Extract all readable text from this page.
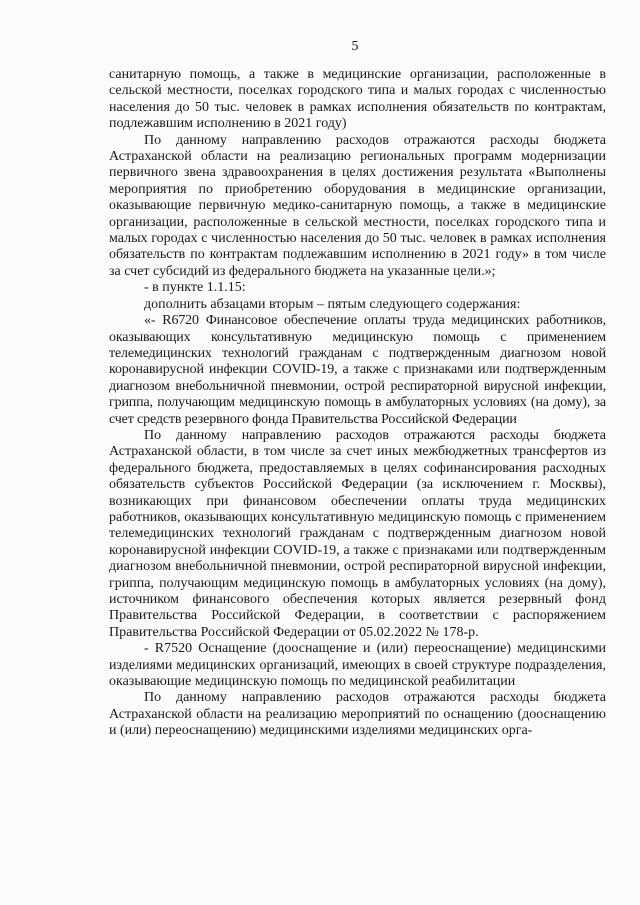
5

санитарную помощь, а также в медицинские организации, расположенные в сельской местности, поселках городского типа и малых городах с численностью населения до 50 тыс. человек в рамках исполнения обязательств по контрактам, подлежавшим исполнению в 2021 году)

По данному направлению расходов отражаются расходы бюджета Астраханской области на реализацию региональных программ модернизации первичного звена здравоохранения в целях достижения результата «Выполнены мероприятия по приобретению оборудования в медицинские организации, оказывающие первичную медико-санитарную помощь, а также в медицинские организации, расположенные в сельской местности, поселках городского типа и малых городах с численностью населения до 50 тыс. человек в рамках исполнения обязательств по контрактам подлежавшим исполнению в 2021 году» в том числе за счет субсидий из федерального бюджета на указанные цели.»;

- в пункте 1.1.15:

дополнить абзацами вторым – пятым следующего содержания:

«- R6720 Финансовое обеспечение оплаты труда медицинских работников, оказывающих консультативную медицинскую помощь с применением телемедицинских технологий гражданам с подтвержденным диагнозом новой коронавирусной инфекции COVID-19, а также с признаками или подтвержденным диагнозом внебольничной пневмонии, острой респираторной вирусной инфекции, гриппа, получающим медицинскую помощь в амбулаторных условиях (на дому), за счет средств резервного фонда Правительства Российской Федерации

По данному направлению расходов отражаются расходы бюджета Астраханской области, в том числе за счет иных межбюджетных трансфертов из федерального бюджета, предоставляемых в целях софинансирования расходных обязательств субъектов Российской Федерации (за исключением г. Москвы), возникающих при финансовом обеспечении оплаты труда медицинских работников, оказывающих консультативную медицинскую помощь с применением телемедицинских технологий гражданам с подтвержденным диагнозом новой коронавирусной инфекции COVID-19, а также с признаками или подтвержденным диагнозом внебольничной пневмонии, острой респираторной вирусной инфекции, гриппа, получающим медицинскую помощь в амбулаторных условиях (на дому), источником финансового обеспечения которых является резервный фонд Правительства Российской Федерации, в соответствии с распоряжением Правительства Российской Федерации от 05.02.2022 № 178-р.

- R7520 Оснащение (дооснащение и (или) переоснащение) медицинскими изделиями медицинских организаций, имеющих в своей структуре подразделения, оказывающие медицинскую помощь по медицинской реабилитации

По данному направлению расходов отражаются расходы бюджета Астраханской области на реализацию мероприятий по оснащению (дооснащению и (или) переоснащению) медицинскими изделиями медицинских орга-
